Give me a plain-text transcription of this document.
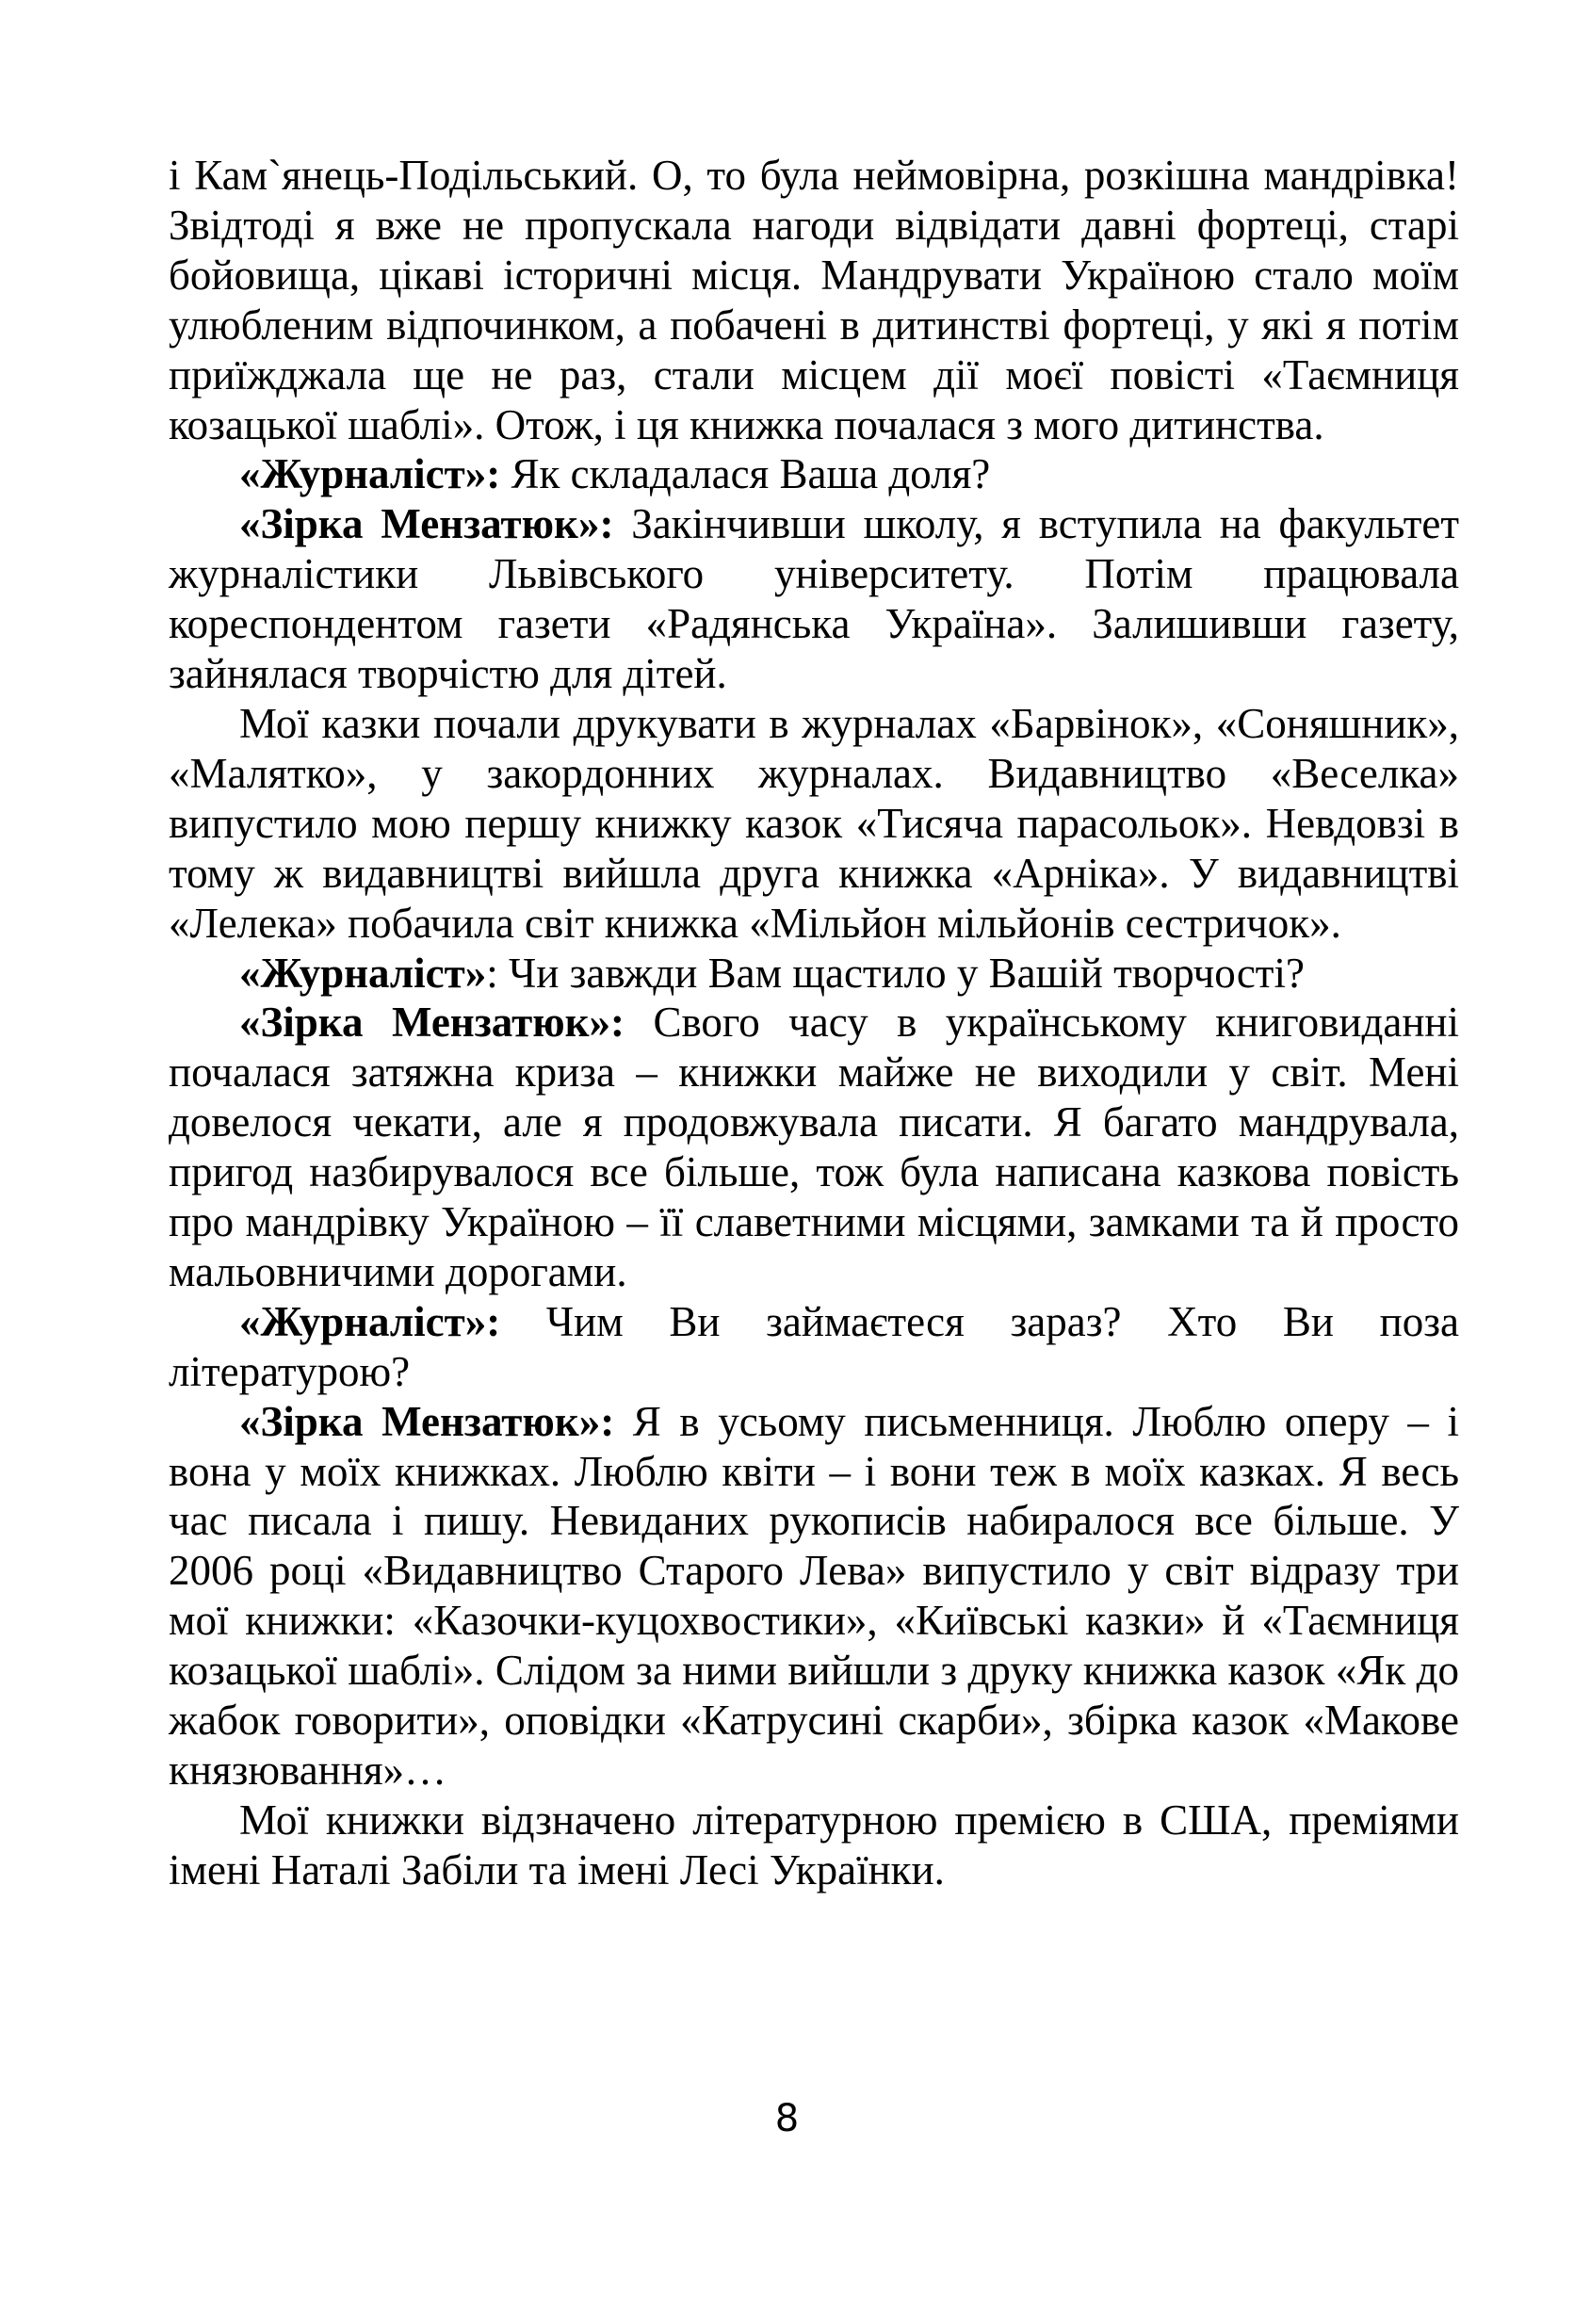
і Кам`янець-Подільський. О, то була неймовірна, розкішна мандрівка! Звідтоді я вже не пропускала нагоди відвідати давні фортеці, старі бойовища, цікаві історичні місця. Мандрувати Україною стало моїм улюбленим відпочинком, а побачені в дитинстві фортеці, у які я потім приїжджала ще не раз, стали місцем дії моєї повісті «Таємниця козацької шаблі». Отож, і ця книжка почалася з мого дитинства.

«Журналіст»: Як складалася Ваша доля?

«Зірка Мензатюк»: Закінчивши школу, я вступила на факультет журналістики Львівського університету. Потім працювала кореспондентом газети «Радянська Україна». Залишивши газету, зайнялася творчістю для дітей.

Мої казки почали друкувати в журналах «Барвінок», «Соняшник», «Малятко», у закордонних журналах. Видавництво «Веселка» випустило мою першу книжку казок «Тисяча парасольок». Невдовзі в тому ж видавництві вийшла друга книжка «Арніка». У видавництві «Лелека» побачила світ книжка «Мільйон мільйонів сестричок».

«Журналіст»: Чи завжди Вам щастило у Вашій творчості?

«Зірка Мензатюк»: Свого часу в українському книговиданні почалася затяжна криза – книжки майже не виходили у світ. Мені довелося чекати, але я продовжувала писати. Я багато мандрувала, пригод назбирувалося все більше, тож була написана казкова повість про мандрівку Україною – її славетними місцями, замками та й просто мальовничими дорогами.

«Журналіст»: Чим Ви займаєтеся зараз? Хто Ви поза літературою?

«Зірка Мензатюк»: Я в усьому письменниця. Люблю оперу – і вона у моїх книжках. Люблю квіти – і вони теж в моїх казках. Я весь час писала і пишу. Невиданих рукописів набиралося все більше. У 2006 році «Видавництво Старого Лева» випустило у світ відразу три мої книжки: «Казочки-куцохвостики», «Київські казки» й «Таємниця козацької шаблі». Слідом за ними вийшли з друку книжка казок «Як до жабок говорити», оповідки «Катрусині скарби», збірка казок «Макове князювання»…

Мої книжки відзначено літературною премією в США, преміями імені Наталі Забіли та імені Лесі Українки.

8
